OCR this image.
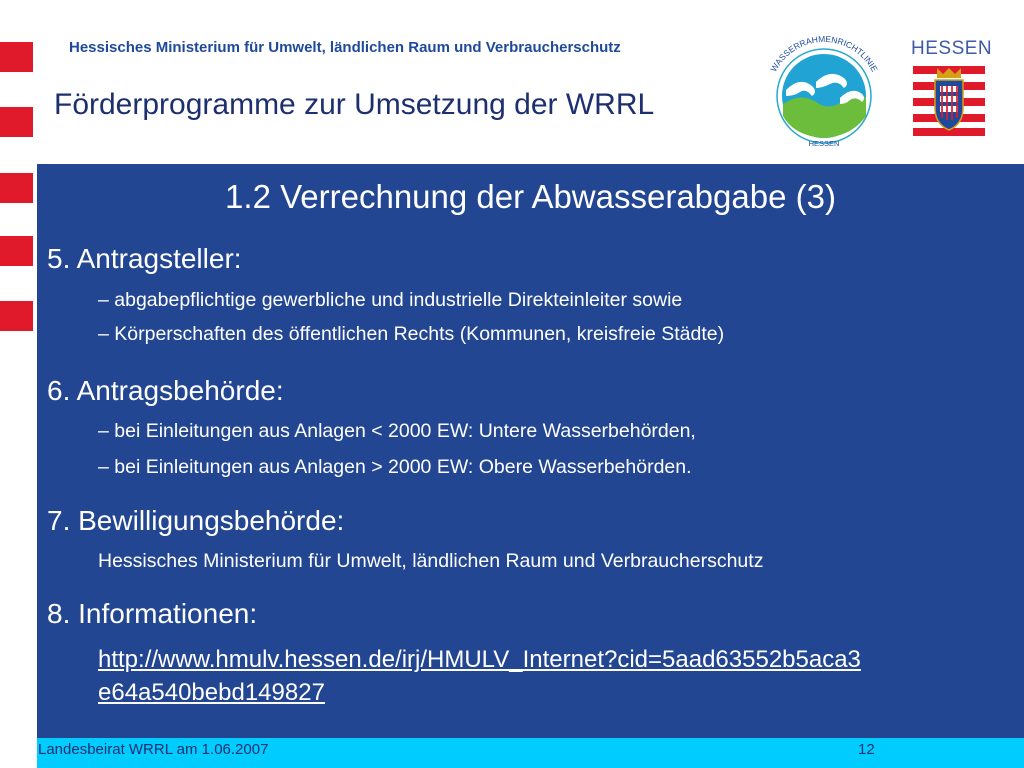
Hessisches Ministerium für Umwelt, ländlichen Raum und Verbraucherschutz
Förderprogramme zur Umsetzung der WRRL
WASSERRAHMENRICHTLINIE
HESSEN
HESSEN
1.2 Verrechnung der Abwasserabgabe (3)
5. Antragsteller:
– abgabepflichtige gewerbliche und industrielle Direkteinleiter sowie
– Körperschaften des öffentlichen Rechts (Kommunen, kreisfreie Städte)
6. Antragsbehörde:
– bei Einleitungen aus Anlagen < 2000 EW: Untere Wasserbehörden,
– bei Einleitungen aus Anlagen > 2000 EW: Obere Wasserbehörden.
7. Bewilligungsbehörde:
Hessisches Ministerium für Umwelt, ländlichen Raum und Verbraucherschutz
8. Informationen:
http://www.hmulv.hessen.de/irj/HMULV_Internet?cid=5aad63552b5aca3
e64a540bebd149827
Landesbeirat WRRL am 1.06.2007	12
